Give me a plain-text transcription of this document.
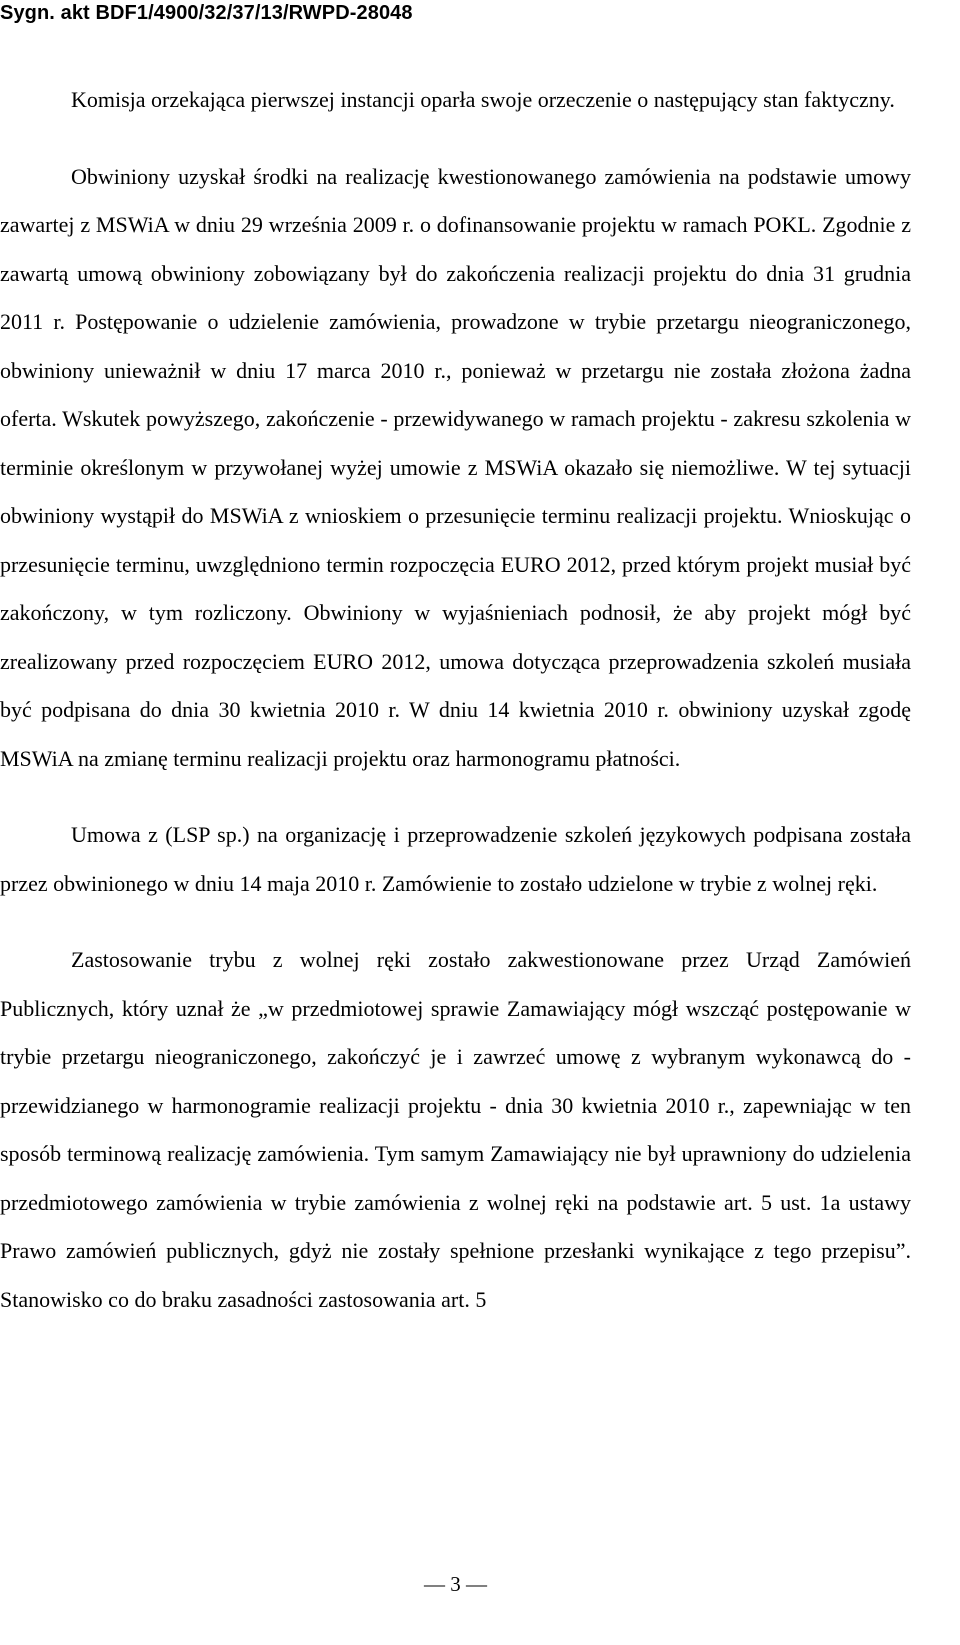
Sygn. akt BDF1/4900/32/37/13/RWPD-28048

Komisja orzekająca pierwszej instancji oparła swoje orzeczenie o następujący stan faktyczny.

Obwiniony uzyskał środki na realizację kwestionowanego zamówienia na podstawie umowy zawartej z MSWiA w dniu 29 września 2009 r. o dofinansowanie projektu w ramach POKL. Zgodnie z zawartą umową obwiniony zobowiązany był do zakończenia realizacji projektu do dnia 31 grudnia 2011 r. Postępowanie o udzielenie zamówienia, prowadzone w trybie przetargu nieograniczonego, obwiniony unieważnił w dniu 17 marca 2010 r., ponieważ w przetargu nie została złożona żadna oferta. Wskutek powyższego, zakończenie - przewidywanego w ramach projektu - zakresu szkolenia w terminie określonym w przywołanej wyżej umowie z MSWiA okazało się niemożliwe. W tej sytuacji obwiniony wystąpił do MSWiA z wnioskiem o przesunięcie terminu realizacji projektu. Wnioskując o przesunięcie terminu, uwzględniono termin rozpoczęcia EURO 2012, przed którym projekt musiał być zakończony, w tym rozliczony. Obwiniony w wyjaśnieniach podnosił, że aby projekt mógł być zrealizowany przed rozpoczęciem EURO 2012, umowa dotycząca przeprowadzenia szkoleń musiała być podpisana do dnia 30 kwietnia 2010 r. W dniu 14 kwietnia 2010 r. obwiniony uzyskał zgodę MSWiA na zmianę terminu realizacji projektu oraz harmonogramu płatności.

Umowa z (LSP sp.) na organizację i przeprowadzenie szkoleń językowych podpisana została przez obwinionego w dniu 14 maja 2010 r. Zamówienie to zostało udzielone w trybie z wolnej ręki.

Zastosowanie trybu z wolnej ręki zostało zakwestionowane przez Urząd Zamówień Publicznych, który uznał że „w przedmiotowej sprawie Zamawiający mógł wszcząć postępowanie w trybie przetargu nieograniczonego, zakończyć je i zawrzeć umowę z wybranym wykonawcą do - przewidzianego w harmonogramie realizacji projektu - dnia 30 kwietnia 2010 r., zapewniając w ten sposób terminową realizację zamówienia. Tym samym Zamawiający nie był uprawniony do udzielenia przedmiotowego zamówienia w trybie zamówienia z wolnej ręki na podstawie art. 5 ust. 1a ustawy Prawo zamówień publicznych, gdyż nie zostały spełnione przesłanki wynikające z tego przepisu”. Stanowisko co do braku zasadności zastosowania art. 5

— 3 —
